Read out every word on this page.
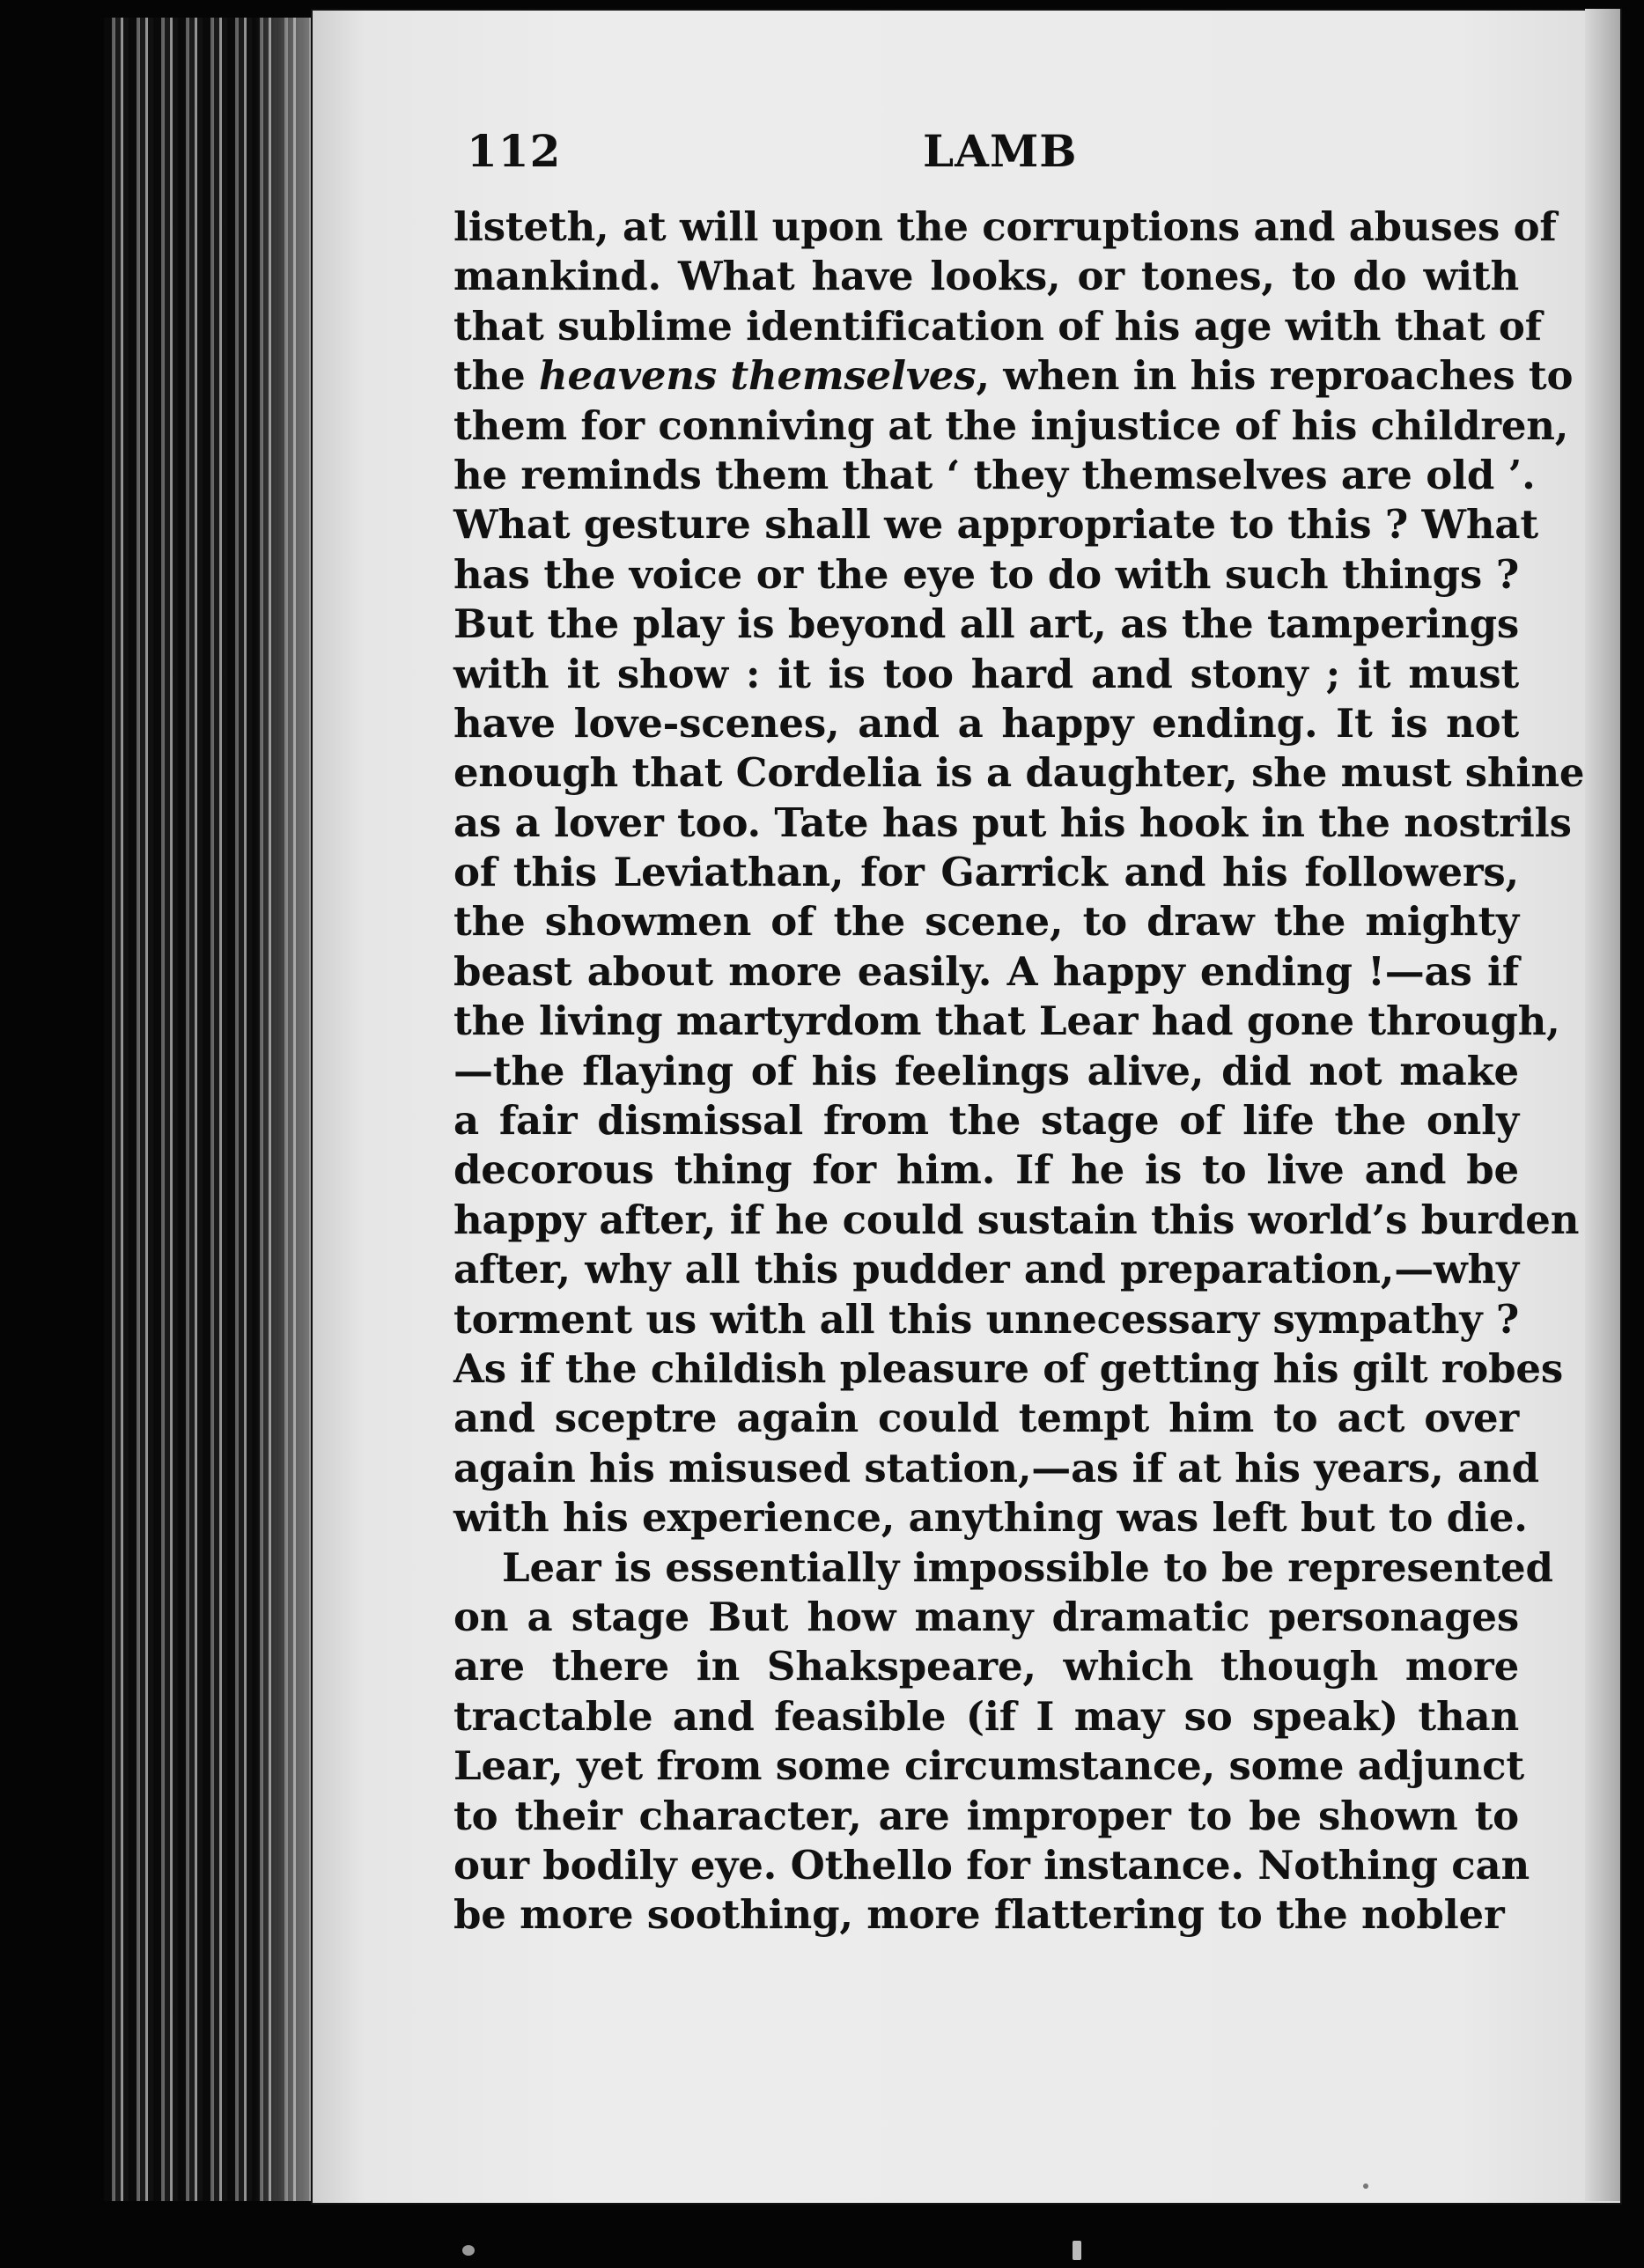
112	LAMB
listeth, at will upon the corruptions and abuses of
mankind. What have looks, or tones, to do with
that sublime identification of his age with that of
the heavens themselves, when in his reproaches to
them for conniving at the injustice of his children,
he reminds them that ‘ they themselves are old ’.
What gesture shall we appropriate to this ? What
has the voice or the eye to do with such things ?
But the play is beyond all art, as the tamperings
with it show : it is too hard and stony ; it must
have love-scenes, and a happy ending. It is not
enough that Cordelia is a daughter, she must shine
as a lover too. Tate has put his hook in the nostrils
of this Leviathan, for Garrick and his followers,
the showmen of the scene, to draw the mighty
beast about more easily. A happy ending !—as if
the living martyrdom that Lear had gone through,
—the flaying of his feelings alive, did not make
a fair dismissal from the stage of life the only
decorous thing for him. If he is to live and be
happy after, if he could sustain this world’s burden
after, why all this pudder and preparation,—why
torment us with all this unnecessary sympathy ?
As if the childish pleasure of getting his gilt robes
and sceptre again could tempt him to act over
again his misused station,—as if at his years, and
with his experience, anything was left but to die.
Lear is essentially impossible to be represented
on a stage But how many dramatic personages
are there in Shakspeare, which though more
tractable and feasible (if I may so speak) than
Lear, yet from some circumstance, some adjunct
to their character, are improper to be shown to
our bodily eye. Othello for instance. Nothing can
be more soothing, more flattering to the nobler
